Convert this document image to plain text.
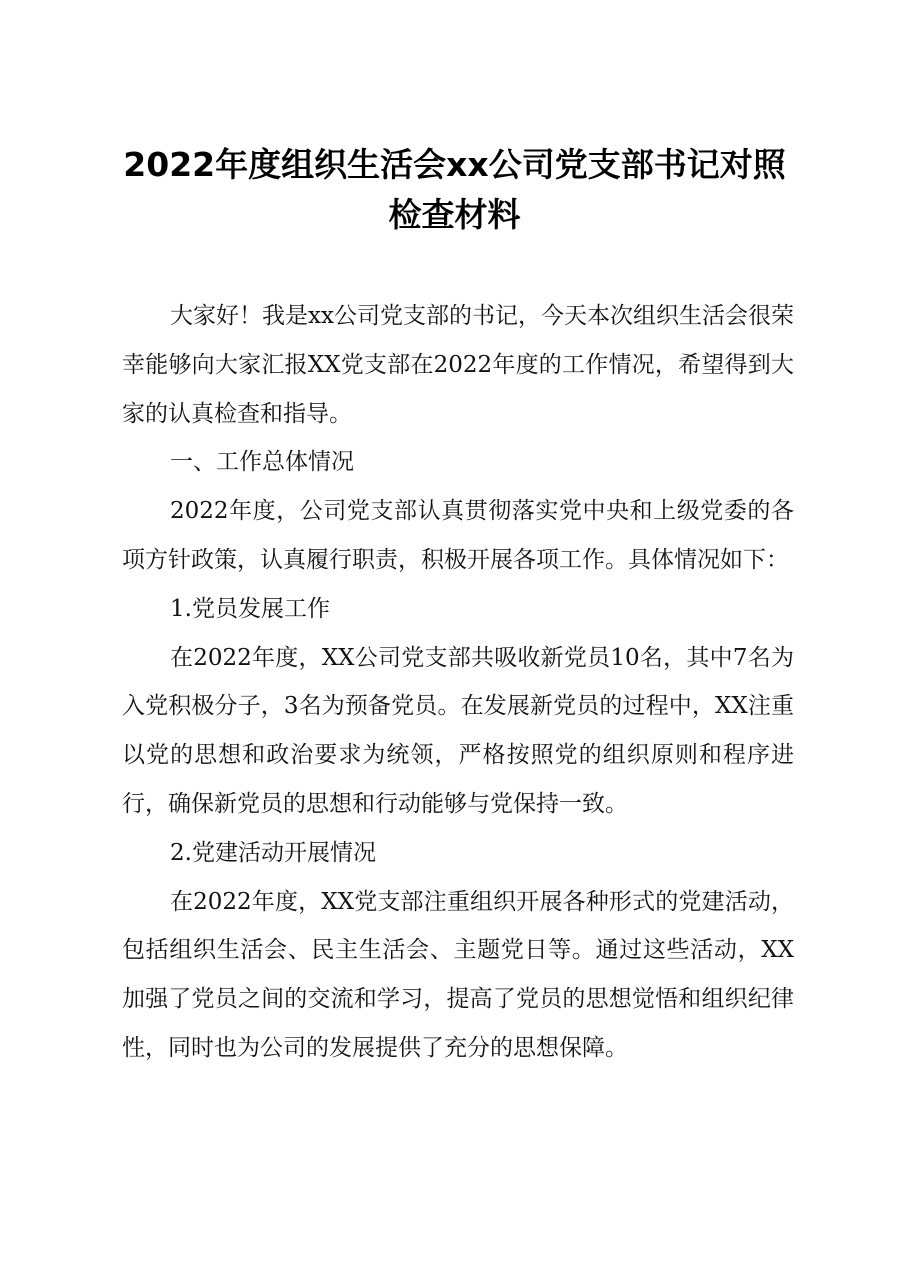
2022年度组织生活会xx公司党支部书记对照
检查材料

大家好！我是xx公司党支部的书记，今天本次组织生活会很荣幸能够向大家汇报XX党支部在2022年度的工作情况，希望得到大家的认真检查和指导。

一、工作总体情况

2022年度，公司党支部认真贯彻落实党中央和上级党委的各项方针政策，认真履行职责，积极开展各项工作。具体情况如下：

1.党员发展工作

在2022年度，XX公司党支部共吸收新党员10名，其中7名为入党积极分子，3名为预备党员。在发展新党员的过程中，XX注重以党的思想和政治要求为统领，严格按照党的组织原则和程序进行，确保新党员的思想和行动能够与党保持一致。

2.党建活动开展情况

在2022年度，XX党支部注重组织开展各种形式的党建活动，包括组织生活会、民主生活会、主题党日等。通过这些活动，XX加强了党员之间的交流和学习，提高了党员的思想觉悟和组织纪律性，同时也为公司的发展提供了充分的思想保障。
